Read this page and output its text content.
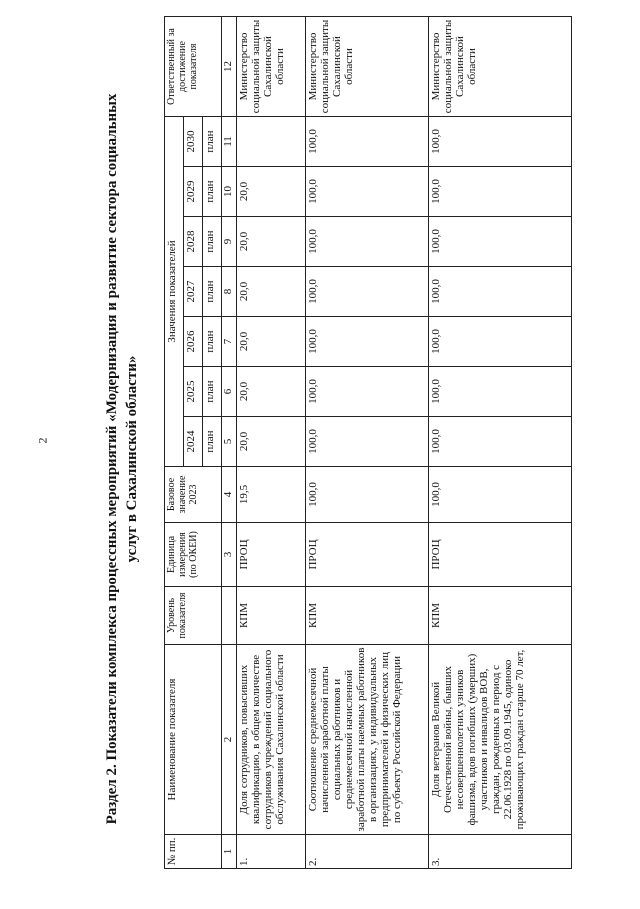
2	Раздел 2. Показатели комплекса процессных мероприятий «Модернизация и развитие сектора социальных услуг в Сахалинской области»
№ пп.	Наименование показателя	Уровень показателя	Единица измерения (по ОКЕИ)	Базовое значение 2023	Значения показателей							Ответственный за достижение показателя
					2024	2025	2026	2027	2028	2029	2030	
					план	план	план	план	план	план	план	
1	2		3	4	5	6	7	8	9	10	11	12
1.	Доля сотрудников, повысивших квалификацию, в общем количестве сотрудников учреждений социального обслуживания Сахалинской области	КПМ	ПРОЦ	19,5	20,0	20,0	20,0	20,0	20,0	20,0		Министерство социальной защиты Сахалинской области
2.	Соотношение среднемесячной начисленной заработной платы социальных работников и среднемесячной начисленной заработной платы наемных работников в организациях, у индивидуальных предпринимателей и физических лиц по субъекту Российской Федерации	КПМ	ПРОЦ	100,0	100,0	100,0	100,0	100,0	100,0	100,0	100,0	Министерство социальной защиты Сахалинской области
3.	Доля ветеранов Великой Отечественной войны, бывших несовершеннолетних узников фашизма, вдов погибших (умерших) участников и инвалидов ВОВ, граждан, рожденных в период с 22.06.1928 по 03.09.1945, одиноко проживающих граждан старше 70 лет,	КПМ	ПРОЦ	100,0	100,0	100,0	100,0	100,0	100,0	100,0	100,0	Министерство социальной защиты Сахалинской области
